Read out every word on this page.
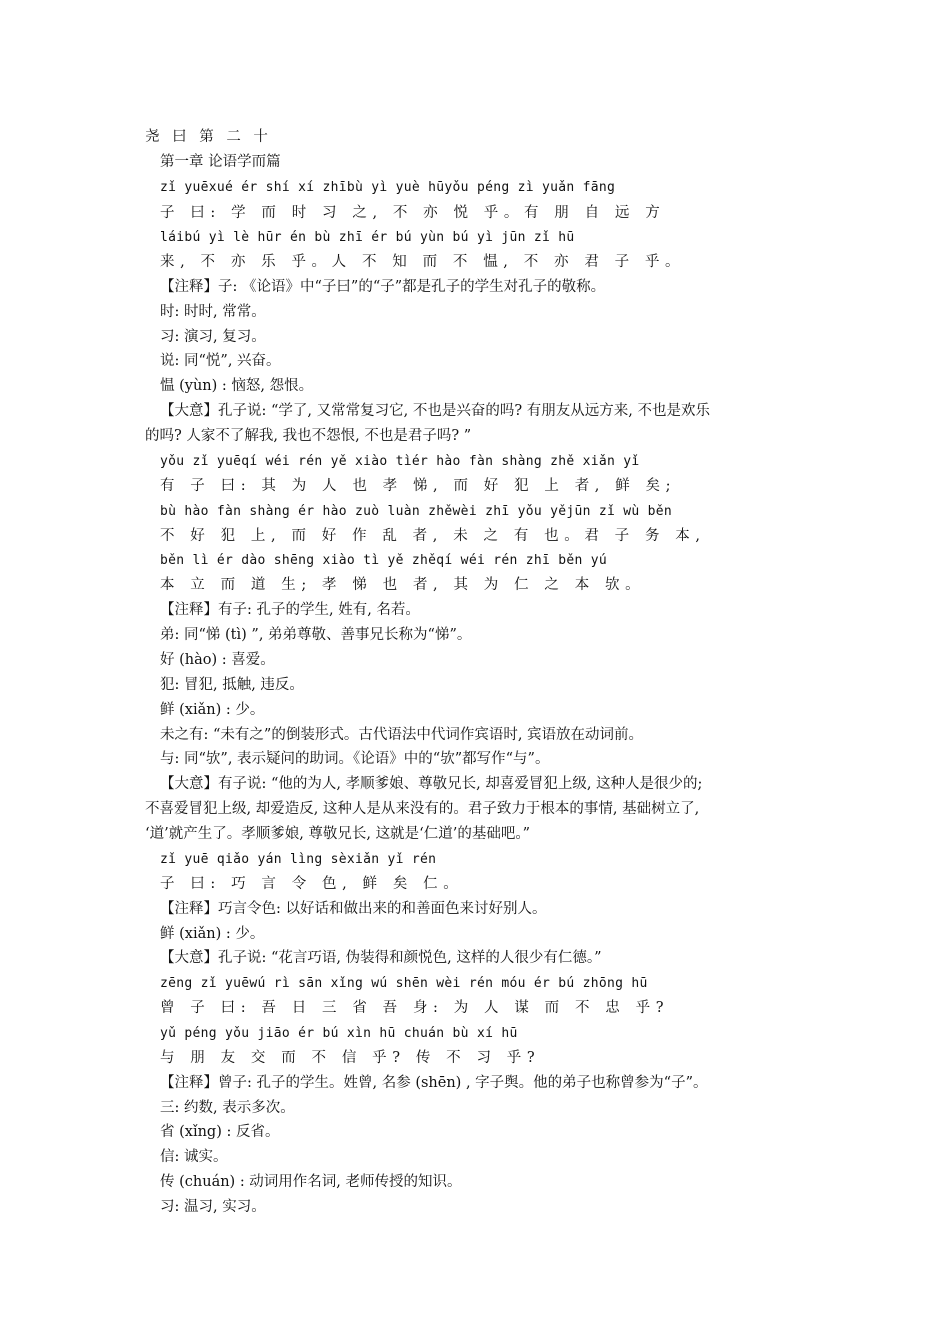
尧 曰 第 二 十
第一章 论语学而篇
zǐ yuēxué ér shí xí zhībù yì yuè hūyǒu péng zì yuǎn fāng
子 曰: 学 而 时 习 之, 不 亦 悦 乎。有 朋 自 远 方
láibú yì lè hūr én bù zhī ér bú yùn bú yì jūn zǐ hū
来, 不 亦 乐 乎。人 不 知 而 不 愠, 不 亦 君 子 乎。
【注释】子: 《论语》中“子曰”的“子”都是孔子的学生对孔子的敬称。
时: 时时, 常常。
习: 演习, 复习。
说: 同“悦”, 兴奋。
愠 (yùn) : 恼怒, 怨恨。
【大意】孔子说: “学了, 又常常复习它, 不也是兴奋的吗? 有朋友从远方来, 不也是欢乐
的吗? 人家不了解我, 我也不怨恨, 不也是君子吗? ”
yǒu zǐ yuēqí wéi rén yě xiào tìér hào fàn shàng zhě xiǎn yǐ
有 子 曰: 其 为 人 也 孝 悌, 而 好 犯 上 者, 鲜 矣;
bù hào fàn shàng ér hào zuò luàn zhěwèi zhī yǒu yějūn zǐ wù běn
不 好 犯 上, 而 好 作 乱 者, 未 之 有 也。君 子 务 本,
běn lì ér dào shēng xiào tì yě zhěqí wéi rén zhī běn yú
本 立 而 道 生; 孝 悌 也 者, 其 为 仁 之 本 欤。
【注释】有子: 孔子的学生, 姓有, 名若。
弟: 同“悌 (tì) ”, 弟弟尊敬、善事兄长称为“悌”。
好 (hào) : 喜爱。
犯: 冒犯, 抵触, 违反。
鲜 (xiǎn) : 少。
未之有: “未有之”的倒装形式。古代语法中代词作宾语时, 宾语放在动词前。
与: 同“欤”, 表示疑问的助词。《论语》中的“欤”都写作“与”。
【大意】有子说: “他的为人, 孝顺爹娘、尊敬兄长, 却喜爱冒犯上级, 这种人是很少的;
不喜爱冒犯上级, 却爱造反, 这种人是从来没有的。君子致力于根本的事情, 基础树立了,
‘道’就产生了。孝顺爹娘, 尊敬兄长, 这就是‘仁道’的基础吧。”
zǐ yuē qiǎo yán lìng sèxiǎn yǐ rén
子 曰: 巧 言 令 色, 鲜 矣 仁。
【注释】巧言令色: 以好话和做出来的和善面色来讨好别人。
鲜 (xiǎn) : 少。
【大意】孔子说: “花言巧语, 伪装得和颜悦色, 这样的人很少有仁德。”
zēng zǐ yuēwú rì sān xǐng wú shēn wèi rén móu ér bú zhōng hū
曾 子 曰: 吾 日 三 省 吾 身: 为 人 谋 而 不 忠 乎?
yǔ péng yǒu jiāo ér bú xìn hū chuán bù xí hū
与 朋 友 交 而 不 信 乎? 传 不 习 乎?
【注释】曾子: 孔子的学生。姓曾, 名参 (shēn) , 字子舆。他的弟子也称曾参为“子”。
三: 约数, 表示多次。
省 (xǐng) : 反省。
信: 诚实。
传 (chuán) : 动词用作名词, 老师传授的知识。
习: 温习, 实习。
